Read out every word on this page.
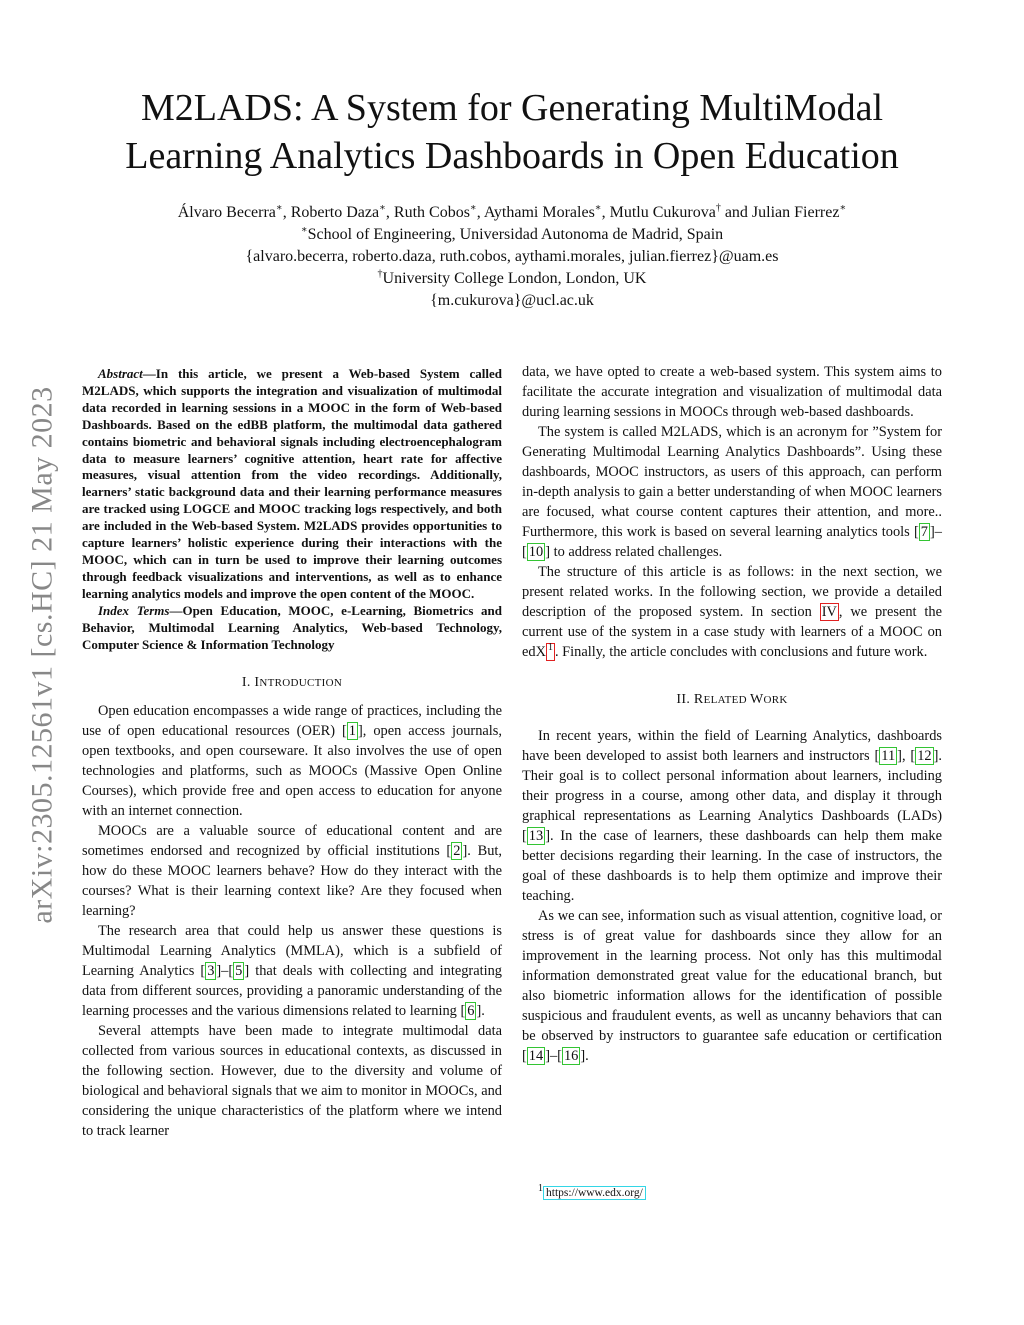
arXiv:2305.12561v1 [cs.HC] 21 May 2023
M2LADS: A System for Generating MultiModal
Learning Analytics Dashboards in Open Education
Álvaro Becerra∗, Roberto Daza∗, Ruth Cobos∗, Aythami Morales∗, Mutlu Cukurova† and Julian Fierrez∗
∗School of Engineering, Universidad Autonoma de Madrid, Spain
{alvaro.becerra, roberto.daza, ruth.cobos, aythami.morales, julian.fierrez}@uam.es
†University College London, London, UK
{m.cukurova}@ucl.ac.uk

Abstract—In this article, we present a Web-based System called M2LADS, which supports the integration and visualization of multimodal data recorded in learning sessions in a MOOC in the form of Web-based Dashboards. Based on the edBB platform, the multimodal data gathered contains biometric and behavioral signals including electroencephalogram data to measure learners’ cognitive attention, heart rate for affective measures, visual attention from the video recordings. Additionally, learners’ static background data and their learning performance measures are tracked using LOGCE and MOOC tracking logs respectively, and both are included in the Web-based System. M2LADS provides opportunities to capture learners’ holistic experience during their interactions with the MOOC, which can in turn be used to improve their learning outcomes through feedback visualizations and interventions, as well as to enhance learning analytics models and improve the open content of the MOOC.

Index Terms—Open Education, MOOC, e-Learning, Biometrics and Behavior, Multimodal Learning Analytics, Web-based Technology, Computer Science & Information Technology

I. INTRODUCTION

Open education encompasses a wide range of practices, including the use of open educational resources (OER) [ 1 ], open access journals, open textbooks, and open courseware. It also involves the use of open technologies and platforms, such as MOOCs (Massive Open Online Courses), which provide free and open access to education for anyone with an internet connection.

MOOCs are a valuable source of educational content and are sometimes endorsed and recognized by official institutions [ 2 ]. But, how do these MOOC learners behave? How do they interact with the courses? What is their learning context like? Are they focused when learning?

The research area that could help us answer these questions is Multimodal Learning Analytics (MMLA), which is a subfield of Learning Analytics [ 3 ]–[ 5 ] that deals with collecting and integrating data from different sources, providing a panoramic understanding of the learning processes and the various dimensions related to learning [ 6 ].

Several attempts have been made to integrate multimodal data collected from various sources in educational contexts, as discussed in the following section. However, due to the diversity and volume of biological and behavioral signals that we aim to monitor in MOOCs, and considering the unique characteristics of the platform where we intend to track learner

data, we have opted to create a web-based system. This system aims to facilitate the accurate integration and visualization of multimodal data during learning sessions in MOOCs through web-based dashboards.

The system is called M2LADS, which is an acronym for ”System for Generating Multimodal Learning Analytics Dashboards”. Using these dashboards, MOOC instructors, as users of this approach, can perform in-depth analysis to gain a better understanding of when MOOC learners are focused, what course content captures their attention, and more.. Furthermore, this work is based on several learning analytics tools [ 7 ]–[ 10 ] to address related challenges.

The structure of this article is as follows: in the next section, we present related works. In the following section, we provide a detailed description of the proposed system. In section IV , we present the current use of the system in a case study with learners of a MOOC on edX $^1$ . Finally, the article concludes with conclusions and future work.

II. RELATED WORK

In recent years, within the field of Learning Analytics, dashboards have been developed to assist both learners and instructors [ 11 ], [ 12 ]. Their goal is to collect personal information about learners, including their progress in a course, among other data, and display it through graphical representations as Learning Analytics Dashboards (LADs) [ 13 ]. In the case of learners, these dashboards can help them make better decisions regarding their learning. In the case of instructors, the goal of these dashboards is to help them optimize and improve their teaching.

As we can see, information such as visual attention, cognitive load, or stress is of great value for dashboards since they allow for an improvement in the learning process. Not only has this multimodal information demonstrated great value for the educational branch, but also biometric information allows for the identification of possible suspicious and fraudulent events, as well as uncanny behaviors that can be observed by instructors to guarantee safe education or certification [ 14 ]–[ 16 ].

$^1$ https://www.edx.org/
